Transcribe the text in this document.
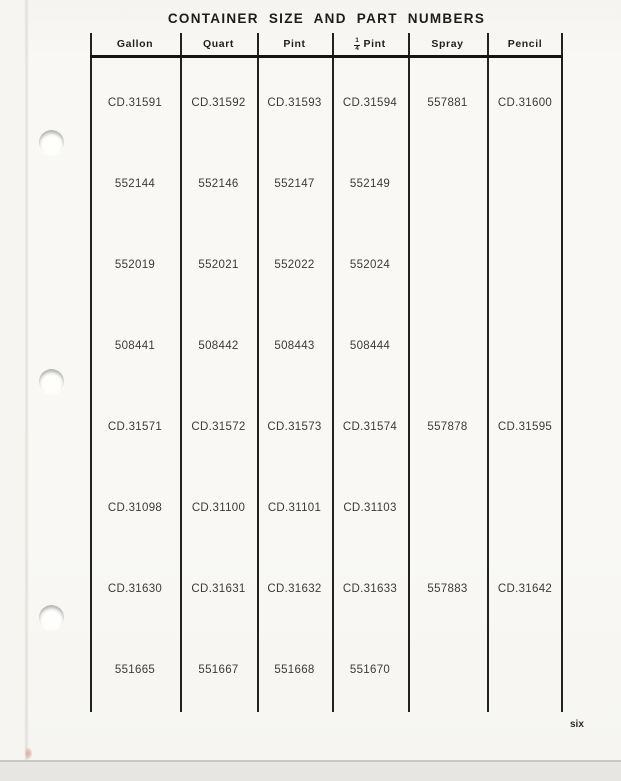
CONTAINER SIZE AND PART NUMBERS
Gallon	Quart	Pint	$\frac{1}{4}$ Pint	Spray	Pencil
CD.31591	CD.31592	CD.31593	CD.31594	557881	CD.31600
552144	552146	552147	552149
552019	552021	552022	552024
508441	508442	508443	508444
CD.31571	CD.31572	CD.31573	CD.31574	557878	CD.31595
CD.31098	CD.31100	CD.31101	CD.31103
CD.31630	CD.31631	CD.31632	CD.31633	557883	CD.31642
551665	551667	551668	551670
six
